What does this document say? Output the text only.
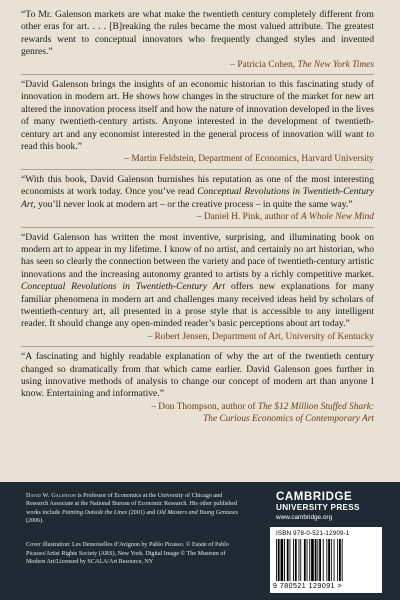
“To Mr. Galenson markets are what make the twentieth century completely different from other eras for art. . . . [B]reaking the rules became the most valued attribute. The greatest rewards went to conceptual innovators who frequently changed styles and invented genres.”

– Patricia Cohen, The New York Times

“David Galenson brings the insights of an economic historian to this fascinating study of innovation in modern art. He shows how changes in the structure of the market for new art altered the innovation process itself and how the nature of innovation developed in the lives of many twentieth-century artists. Anyone interested in the development of twentieth-century art and any economist interested in the general process of innovation will want to read this book.”

– Martin Feldstein, Department of Economics, Harvard University

“With this book, David Galenson burnishes his reputation as one of the most interesting economists at work today. Once you’ve read Conceptual Revolutions in Twentieth-Century Art, you’ll never look at modern art – or the creative process – in quite the same way.”

– Daniel H. Pink, author of A Whole New Mind

“David Galenson has written the most inventive, surprising, and illuminating book on modern art to appear in my lifetime. I know of no artist, and certainly no art historian, who has seen so clearly the connection between the variety and pace of twentieth-century artistic innovations and the increasing autonomy granted to artists by a richly competitive market. Conceptual Revolutions in Twentieth-Century Art offers new explanations for many familiar phenomena in modern art and challenges many received ideas held by scholars of twentieth-century art, all presented in a prose style that is accessible to any intelligent reader. It should change any open-minded reader’s basic perceptions about art today.”

– Robert Jensen, Department of Art, University of Kentucky

“A fascinating and highly readable explanation of why the art of the twentieth century changed so dramatically from that which came earlier. David Galenson goes further in using innovative methods of analysis to change our concept of modern art than anyone I know. Entertaining and informative.”

– Don Thompson, author of The $12 Million Stuffed Shark:
The Curious Economics of Contemporary Art

David W. Galenson is Professor of Economics at the University of Chicago and Research Associate at the National Bureau of Economic Research. His other published works include Painting Outside the Lines (2001) and Old Masters and Young Geniuses (2006).

Cover illustration: Les Demoiselles d’Avignon by Pablo Picasso. © Estate of Pablo Picasso/Artist Rights Society (ARS), New York. Digital Image © The Museum of Modern Art/Licensed by SCALA/Art Resource, NY

CAMBRIDGE

UNIVERSITY PRESS

www.cambridge.org

ISBN 978-0-521-12909-1
9 780521 129091 >
